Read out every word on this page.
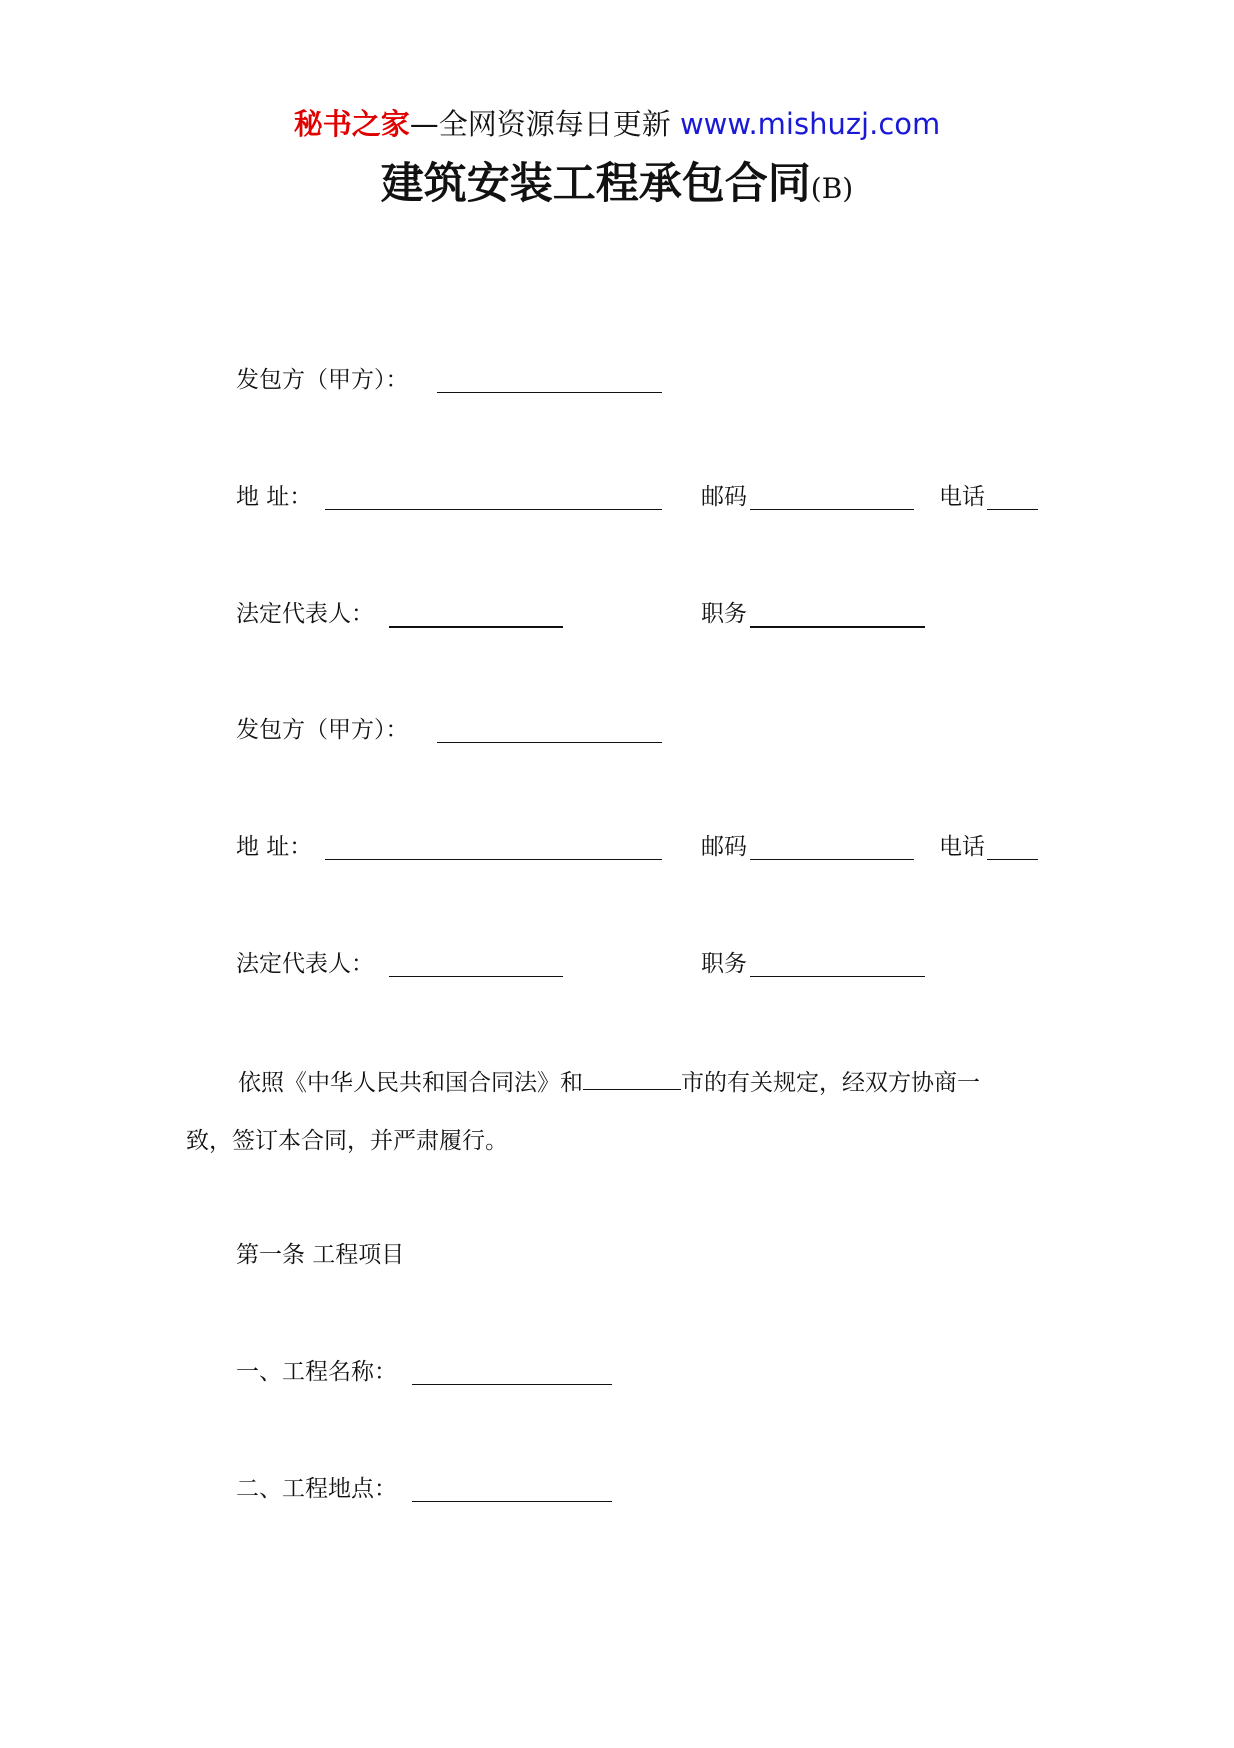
秘书之家—全网资源每日更新 www.mishuzj.com
建筑安装工程承包合同(B)
发包方（甲方）：
地 址：	邮码	电话
法定代表人：	职务
发包方（甲方）：
地 址：	邮码	电话
法定代表人：	职务
依照《中华人民共和国合同法》和	市的有关规定，经双方协商一
致，签订本合同，并严肃履行。
第一条 工程项目
一、工程名称：
二、工程地点：
